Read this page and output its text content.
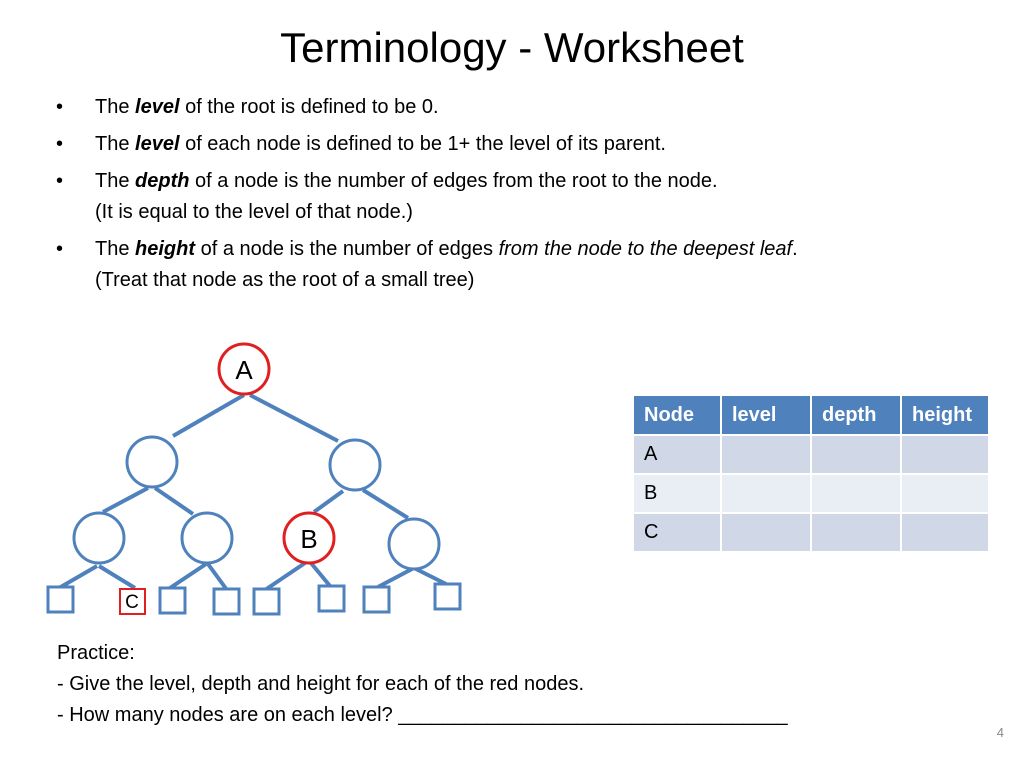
Terminology - Worksheet
•	The level of the root is defined to be 0.
•	The level of each node is defined to be 1+ the level of its parent.
•	The depth of a node is the number of edges from the root to the node.
(It is equal to the level of that node.)
•	The height of a node is the number of edges from the node to the deepest leaf.
(Treat that node as the root of a small tree)
A
B
C
Node	level	depth	height
A			
B			
C			
Practice:
- Give the level, depth and height for each of the red nodes.
- How many nodes are on each level? ___________________________________
4
